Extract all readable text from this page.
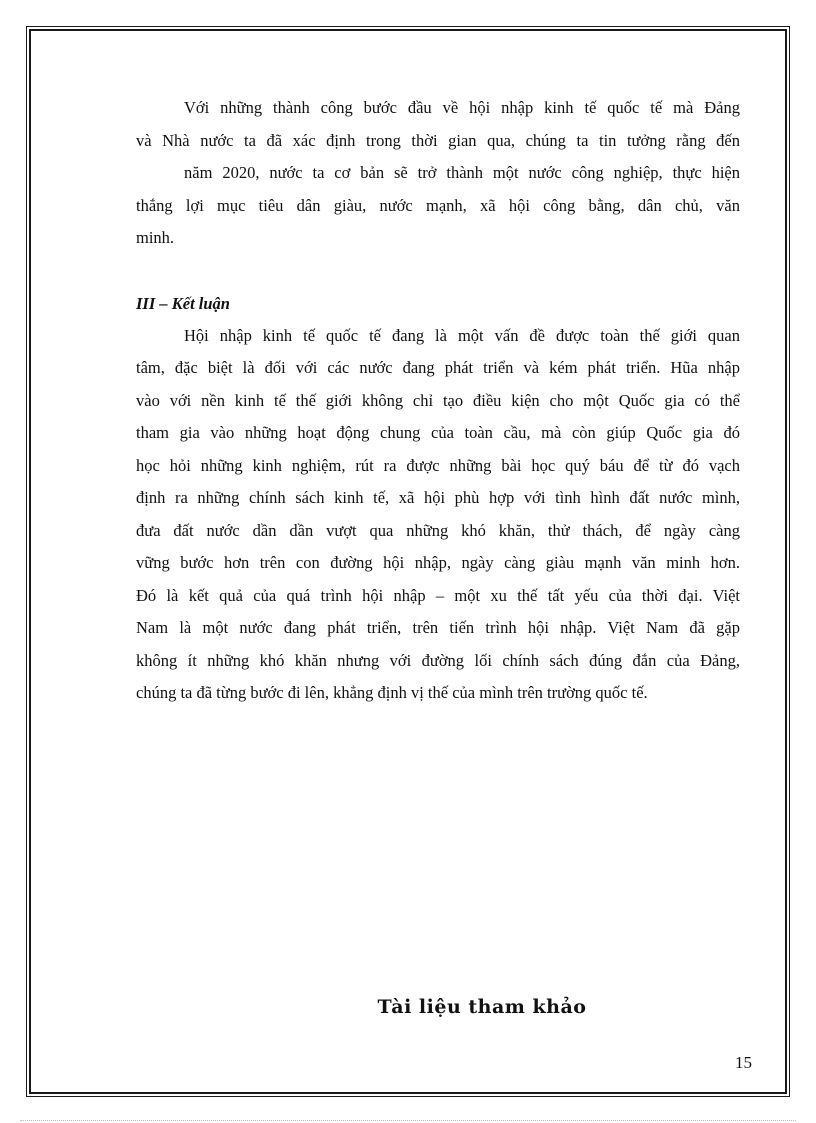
Với những thành công bước đầu về hội nhập kinh tế quốc tế mà Đảng
và Nhà nước ta đã xác định trong thời gian qua, chúng ta tin tưởng rằng đến
năm 2020, nước ta cơ bản sẽ trở thành một nước công nghiệp, thực hiện
thắng lợi mục tiêu dân giàu, nước mạnh, xã hội công bằng, dân chủ, văn
minh.

III – Kết luận

Hội nhập kinh tế quốc tế đang là một vấn đề được toàn thế giới quan
tâm, đặc biệt là đối với các nước đang phát triển và kém phát triển. Hũa nhập
vào với nền kinh tế thế giới không chỉ tạo điều kiện cho một Quốc gia có thể
tham gia vào những hoạt động chung của toàn cầu, mà còn giúp Quốc gia đó
học hỏi những kinh nghiệm, rút ra được những bài học quý báu để từ đó vạch
định ra những chính sách kinh tế, xã hội phù hợp với tình hình đất nước mình,
đưa đất nước dần dần vượt qua những khó khăn, thử thách, để ngày càng
vững bước hơn trên con đường hội nhập, ngày càng giàu mạnh văn minh hơn.
Đó là kết quả của quá trình hội nhập – một xu thế tất yếu của thời đại. Việt
Nam là một nước đang phát triển, trên tiến trình hội nhập. Việt Nam đã gặp
không ít những khó khăn nhưng với đường lối chính sách đúng đắn của Đảng,
chúng ta đã từng bước đi lên, khẳng định vị thế của mình trên trường quốc tế.

Tài liệu tham khảo
15
